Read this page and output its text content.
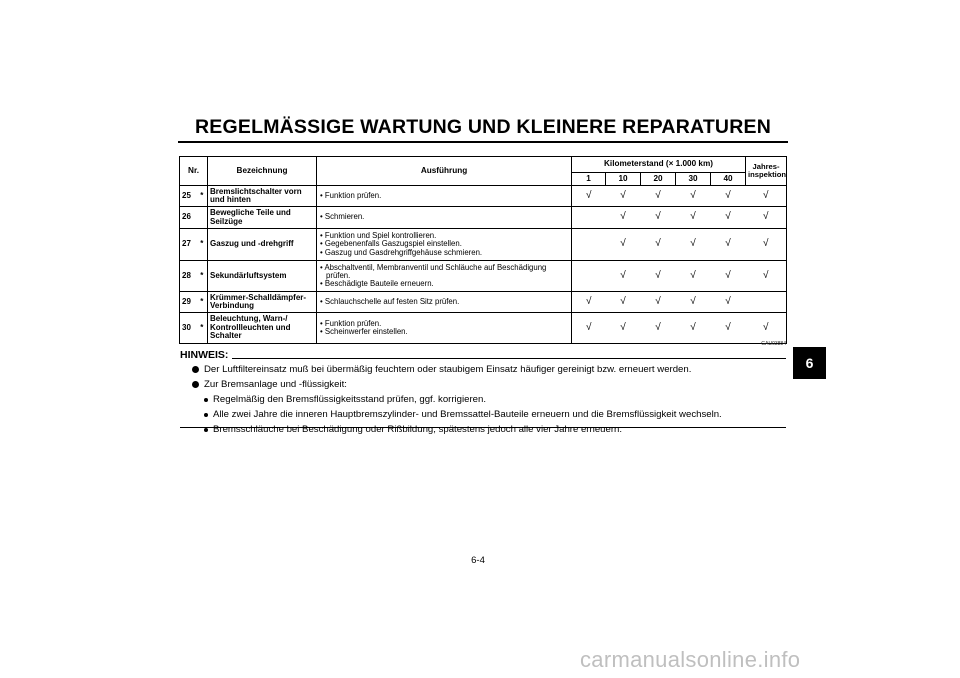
REGELMÄSSIGE WARTUNG UND KLEINERE REPARATUREN
6
Nr.		Bezeichnung	Ausführung	Kilometerstand (× 1.000 km)					Jahres-
inspektion
				1	10	20	30	40	
25	*	Bremslichtschalter vorn und hinten	• Funktion prüfen.	√	√	√	√	√	√
26		Bewegliche Teile und Seilzüge	• Schmieren.		√	√	√	√	√
27	*	Gaszug und -drehgriff	• Funktion und Spiel kontrollieren.
• Gegebenenfalls Gaszugspiel einstellen.
• Gaszug und Gasdrehgriffgehäuse schmieren.		√	√	√	√	√
28	*	Sekundärluftsystem	• Abschaltventil, Membranventil und Schläuche auf Beschädigung prüfen.
• Beschädigte Bauteile erneuern.		√	√	√	√	√
29	*	Krümmer-Schalldämpfer-Verbindung	• Schlauchschelle auf festen Sitz prüfen.	√	√	√	√	√	
30	*	Beleuchtung, Warn-/ Kontrollleuchten und Schalter	• Funktion prüfen.
• Scheinwerfer einstellen.	√	√	√	√	√	√
GAU03884
HINWEIS:
Der Luftfiltereinsatz muß bei übermäßig feuchtem oder staubigem Einsatz häufiger gereinigt bzw. erneuert werden.
Zur Bremsanlage und -flüssigkeit:
Regelmäßig den Bremsflüssigkeitsstand prüfen, ggf. korrigieren.
Alle zwei Jahre die inneren Hauptbremszylinder- und Bremssattel-Bauteile erneuern und die Bremsflüssigkeit wechseln.
Bremsschläuche bei Beschädigung oder Rißbildung, spätestens jedoch alle vier Jahre erneuern.
6-4
carmanualsonline.info
